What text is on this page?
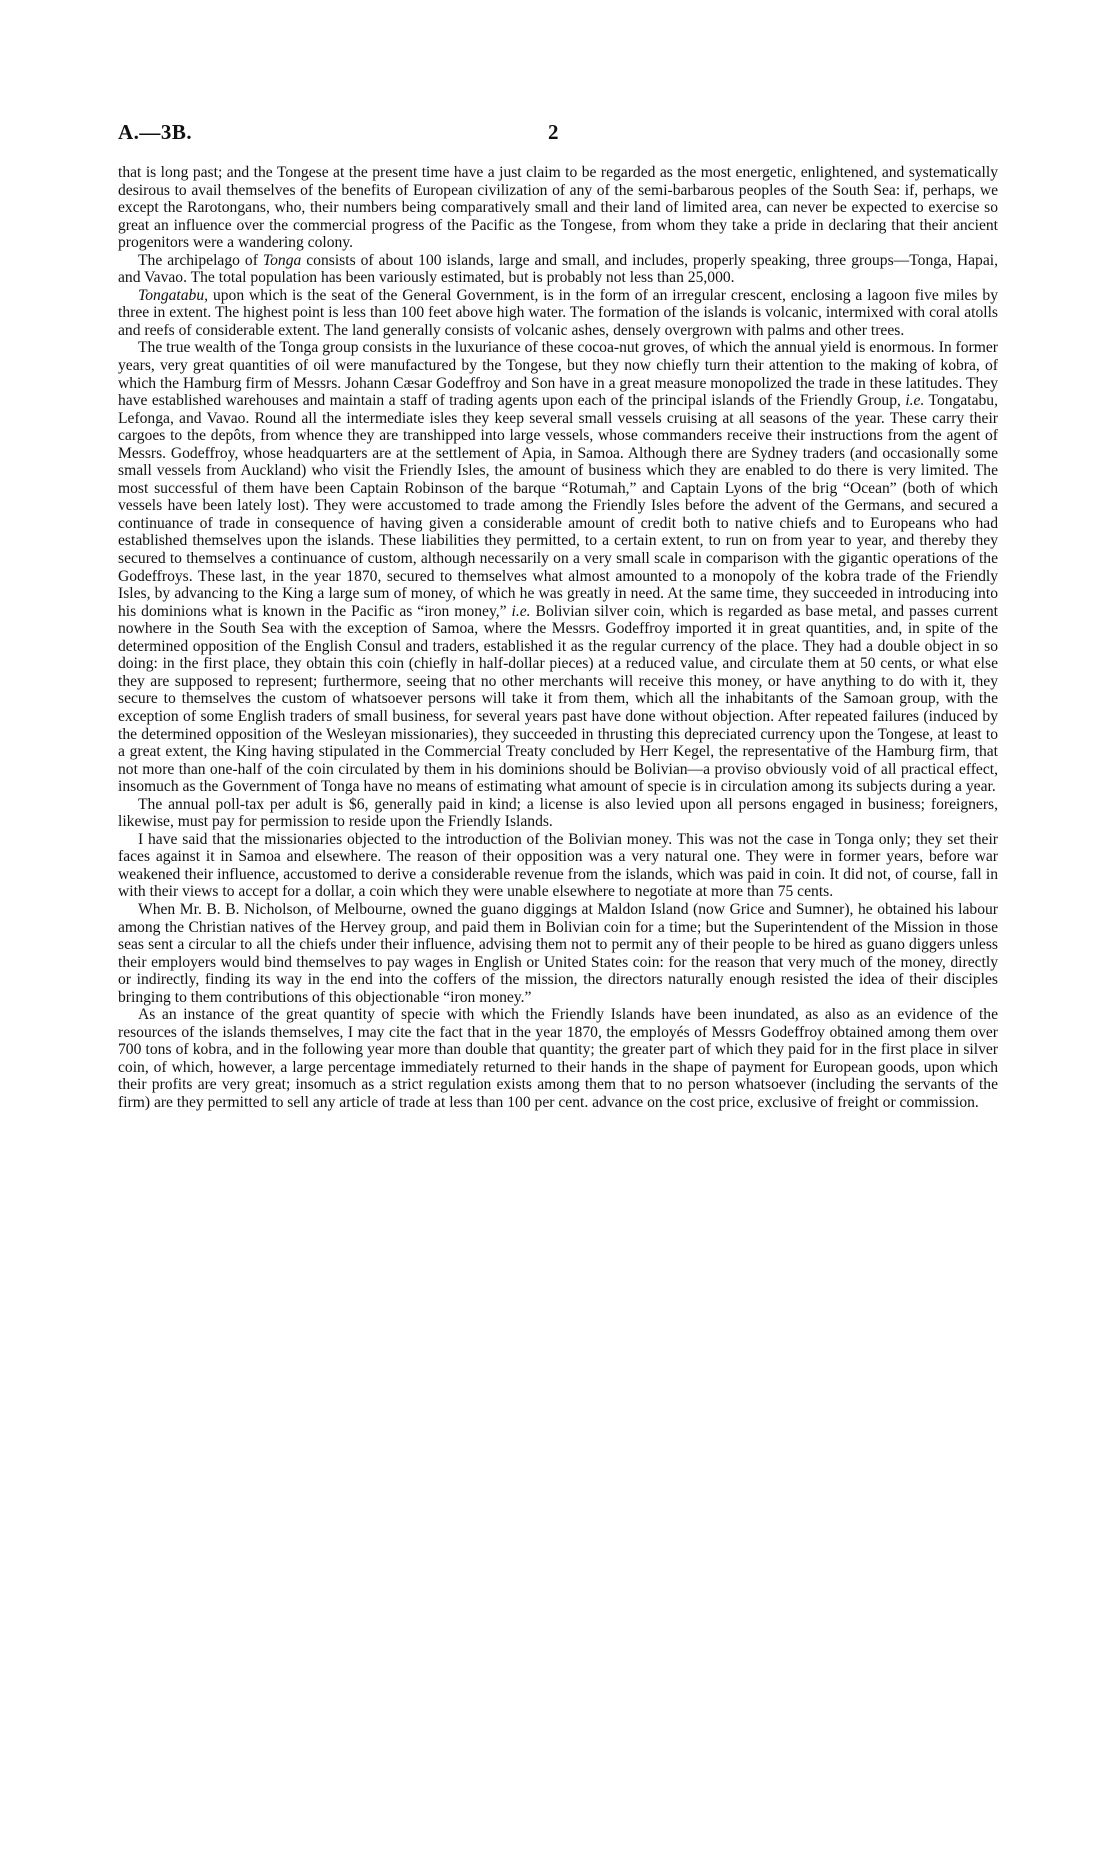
A.—3B.	2

that is long past; and the Tongese at the present time have a just claim to be regarded as the most energetic, enlightened, and systematically desirous to avail themselves of the benefits of European civilization of any of the semi-barbarous peoples of the South Sea: if, perhaps, we except the Rarotongans, who, their numbers being comparatively small and their land of limited area, can never be expected to exercise so great an influence over the commercial progress of the Pacific as the Tongese, from whom they take a pride in declaring that their ancient progenitors were a wandering colony.

The archipelago of Tonga consists of about 100 islands, large and small, and includes, properly speaking, three groups—Tonga, Hapai, and Vavao. The total population has been variously estimated, but is probably not less than 25,000.

Tongatabu, upon which is the seat of the General Government, is in the form of an irregular crescent, enclosing a lagoon five miles by three in extent. The highest point is less than 100 feet above high water. The formation of the islands is volcanic, intermixed with coral atolls and reefs of considerable extent. The land generally consists of volcanic ashes, densely overgrown with palms and other trees.

The true wealth of the Tonga group consists in the luxuriance of these cocoa-nut groves, of which the annual yield is enormous. In former years, very great quantities of oil were manufactured by the Tongese, but they now chiefly turn their attention to the making of kobra, of which the Hamburg firm of Messrs. Johann Cæsar Godeffroy and Son have in a great measure monopolized the trade in these latitudes. They have established warehouses and maintain a staff of trading agents upon each of the principal islands of the Friendly Group, i.e. Tongatabu, Lefonga, and Vavao. Round all the intermediate isles they keep several small vessels cruising at all seasons of the year. These carry their cargoes to the depôts, from whence they are transhipped into large vessels, whose commanders receive their instructions from the agent of Messrs. Godeffroy, whose headquarters are at the settlement of Apia, in Samoa. Although there are Sydney traders (and occasionally some small vessels from Auckland) who visit the Friendly Isles, the amount of business which they are enabled to do there is very limited. The most successful of them have been Captain Robinson of the barque “Rotumah,” and Captain Lyons of the brig “Ocean” (both of which vessels have been lately lost). They were accustomed to trade among the Friendly Isles before the advent of the Germans, and secured a continuance of trade in consequence of having given a considerable amount of credit both to native chiefs and to Europeans who had established themselves upon the islands. These liabilities they permitted, to a certain extent, to run on from year to year, and thereby they secured to themselves a continuance of custom, although necessarily on a very small scale in comparison with the gigantic operations of the Godeffroys. These last, in the year 1870, secured to themselves what almost amounted to a monopoly of the kobra trade of the Friendly Isles, by advancing to the King a large sum of money, of which he was greatly in need. At the same time, they succeeded in introducing into his dominions what is known in the Pacific as “iron money,” i.e. Bolivian silver coin, which is regarded as base metal, and passes current nowhere in the South Sea with the exception of Samoa, where the Messrs. Godeffroy imported it in great quantities, and, in spite of the determined opposition of the English Consul and traders, established it as the regular currency of the place. They had a double object in so doing: in the first place, they obtain this coin (chiefly in half-dollar pieces) at a reduced value, and circulate them at 50 cents, or what else they are supposed to represent; furthermore, seeing that no other merchants will receive this money, or have anything to do with it, they secure to themselves the custom of whatsoever persons will take it from them, which all the inhabitants of the Samoan group, with the exception of some English traders of small business, for several years past have done without objection. After repeated failures (induced by the determined opposition of the Wesleyan missionaries), they succeeded in thrusting this depreciated currency upon the Tongese, at least to a great extent, the King having stipulated in the Commercial Treaty concluded by Herr Kegel, the representative of the Hamburg firm, that not more than one-half of the coin circulated by them in his dominions should be Bolivian—a proviso obviously void of all practical effect, insomuch as the Government of Tonga have no means of estimating what amount of specie is in circulation among its subjects during a year.

The annual poll-tax per adult is $6, generally paid in kind; a license is also levied upon all persons engaged in business; foreigners, likewise, must pay for permission to reside upon the Friendly Islands.

I have said that the missionaries objected to the introduction of the Bolivian money. This was not the case in Tonga only; they set their faces against it in Samoa and elsewhere. The reason of their opposition was a very natural one. They were in former years, before war weakened their influence, accustomed to derive a considerable revenue from the islands, which was paid in coin. It did not, of course, fall in with their views to accept for a dollar, a coin which they were unable elsewhere to negotiate at more than 75 cents.

When Mr. B. B. Nicholson, of Melbourne, owned the guano diggings at Maldon Island (now Grice and Sumner), he obtained his labour among the Christian natives of the Hervey group, and paid them in Bolivian coin for a time; but the Superintendent of the Mission in those seas sent a circular to all the chiefs under their influence, advising them not to permit any of their people to be hired as guano diggers unless their employers would bind themselves to pay wages in English or United States coin: for the reason that very much of the money, directly or indirectly, finding its way in the end into the coffers of the mission, the directors naturally enough resisted the idea of their disciples bringing to them contributions of this objectionable “iron money.”

As an instance of the great quantity of specie with which the Friendly Islands have been inundated, as also as an evidence of the resources of the islands themselves, I may cite the fact that in the year 1870, the employés of Messrs Godeffroy obtained among them over 700 tons of kobra, and in the following year more than double that quantity; the greater part of which they paid for in the first place in silver coin, of which, however, a large percentage immediately returned to their hands in the shape of payment for European goods, upon which their profits are very great; insomuch as a strict regulation exists among them that to no person whatsoever (including the servants of the firm) are they permitted to sell any article of trade at less than 100 per cent. advance on the cost price, exclusive of freight or commission.
